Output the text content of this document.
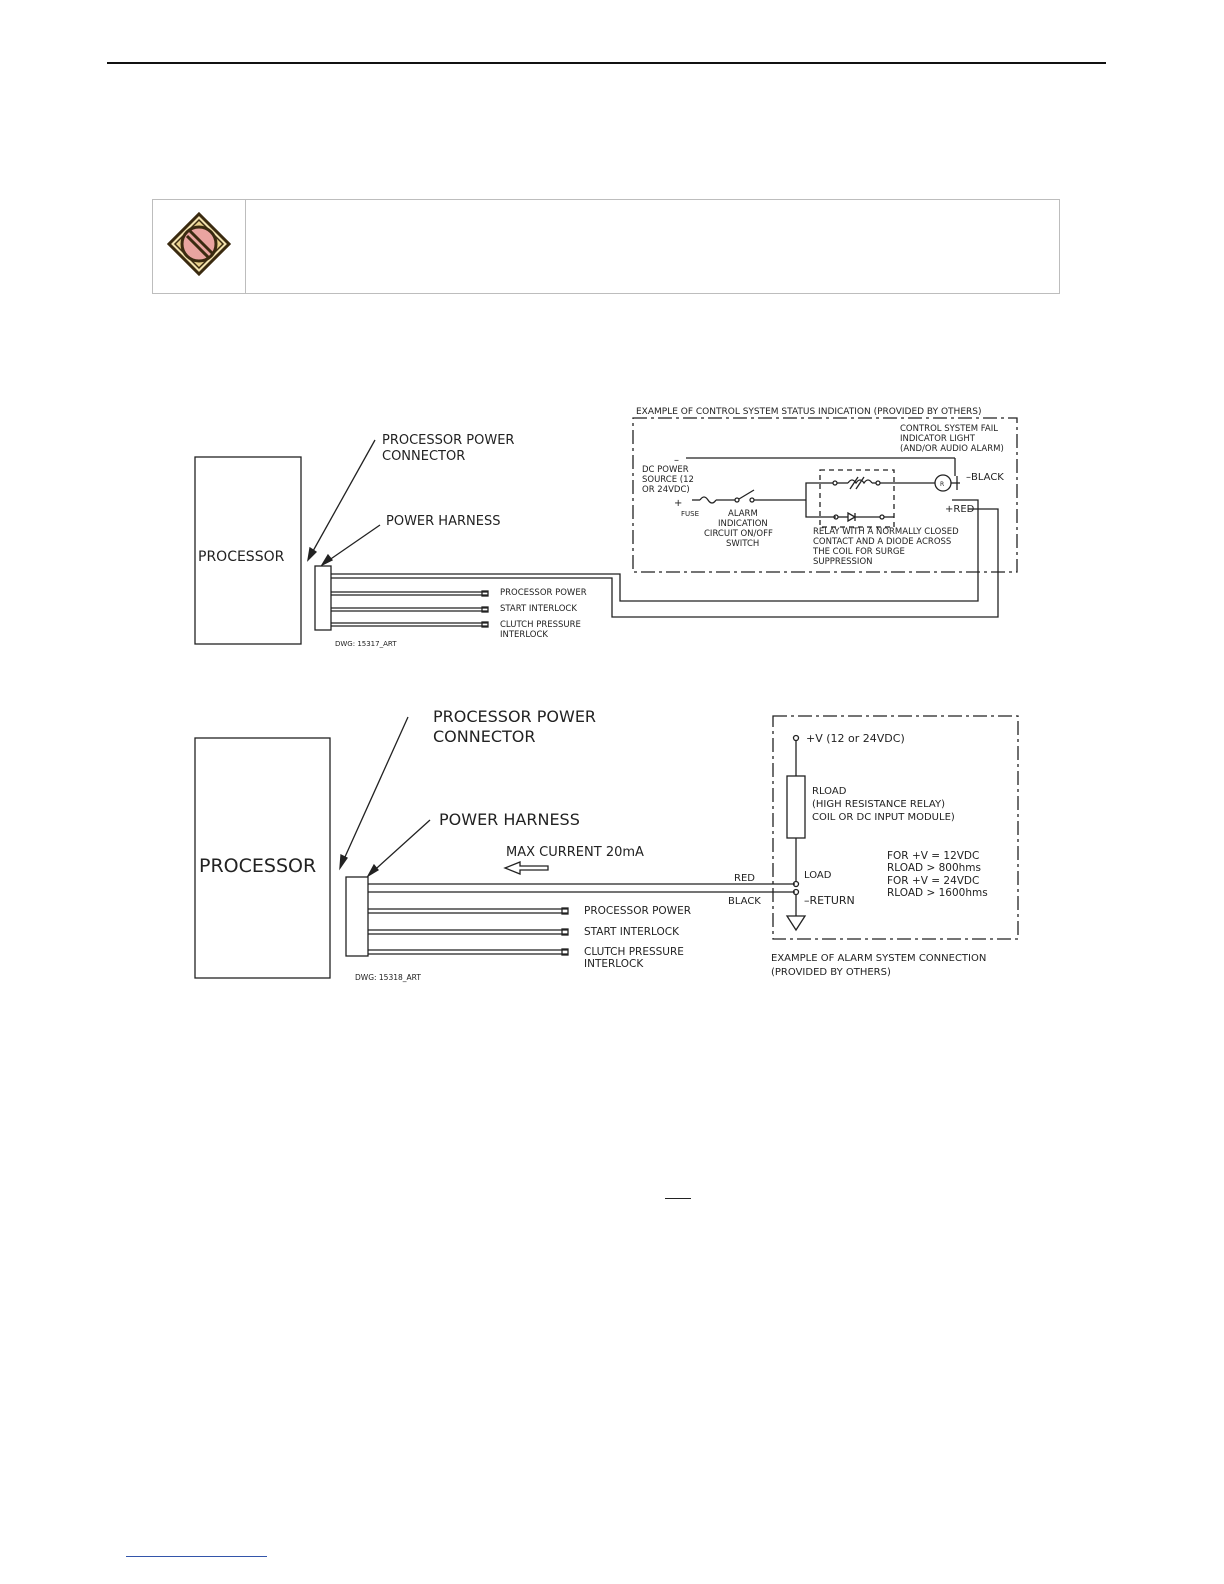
PROCESSOR
PROCESSOR POWER
CONNECTOR
POWER HARNESS
PROCESSOR POWER
START INTERLOCK
CLUTCH PRESSURE
INTERLOCK
DWG: 15317_ART
EXAMPLE OF CONTROL SYSTEM STATUS INDICATION (PROVIDED BY OTHERS)
CONTROL SYSTEM FAIL
INDICATOR LIGHT
(AND/OR AUDIO ALARM)
–
DC POWER
SOURCE (12
OR 24VDC)
+
FUSE	ALARM
INDICATION
CIRCUIT ON/OFF
SWITCH
RELAY WITH A NORMALLY CLOSED
CONTACT AND A DIODE ACROSS
THE COIL FOR SURGE
SUPPRESSION
–BLACK
+RED
R
PROCESSOR
PROCESSOR POWER
CONNECTOR
POWER HARNESS
MAX CURRENT 20mA
RED
BLACK
PROCESSOR POWER
START INTERLOCK
CLUTCH PRESSURE
INTERLOCK
DWG: 15318_ART
+V (12 or 24VDC)
RLOAD
(HIGH RESISTANCE RELAY)
COIL OR DC INPUT MODULE)
LOAD
–RETURN
FOR +V = 12VDC
RLOAD > 800hms
FOR +V = 24VDC
RLOAD > 1600hms
EXAMPLE OF ALARM SYSTEM CONNECTION
(PROVIDED BY OTHERS)
